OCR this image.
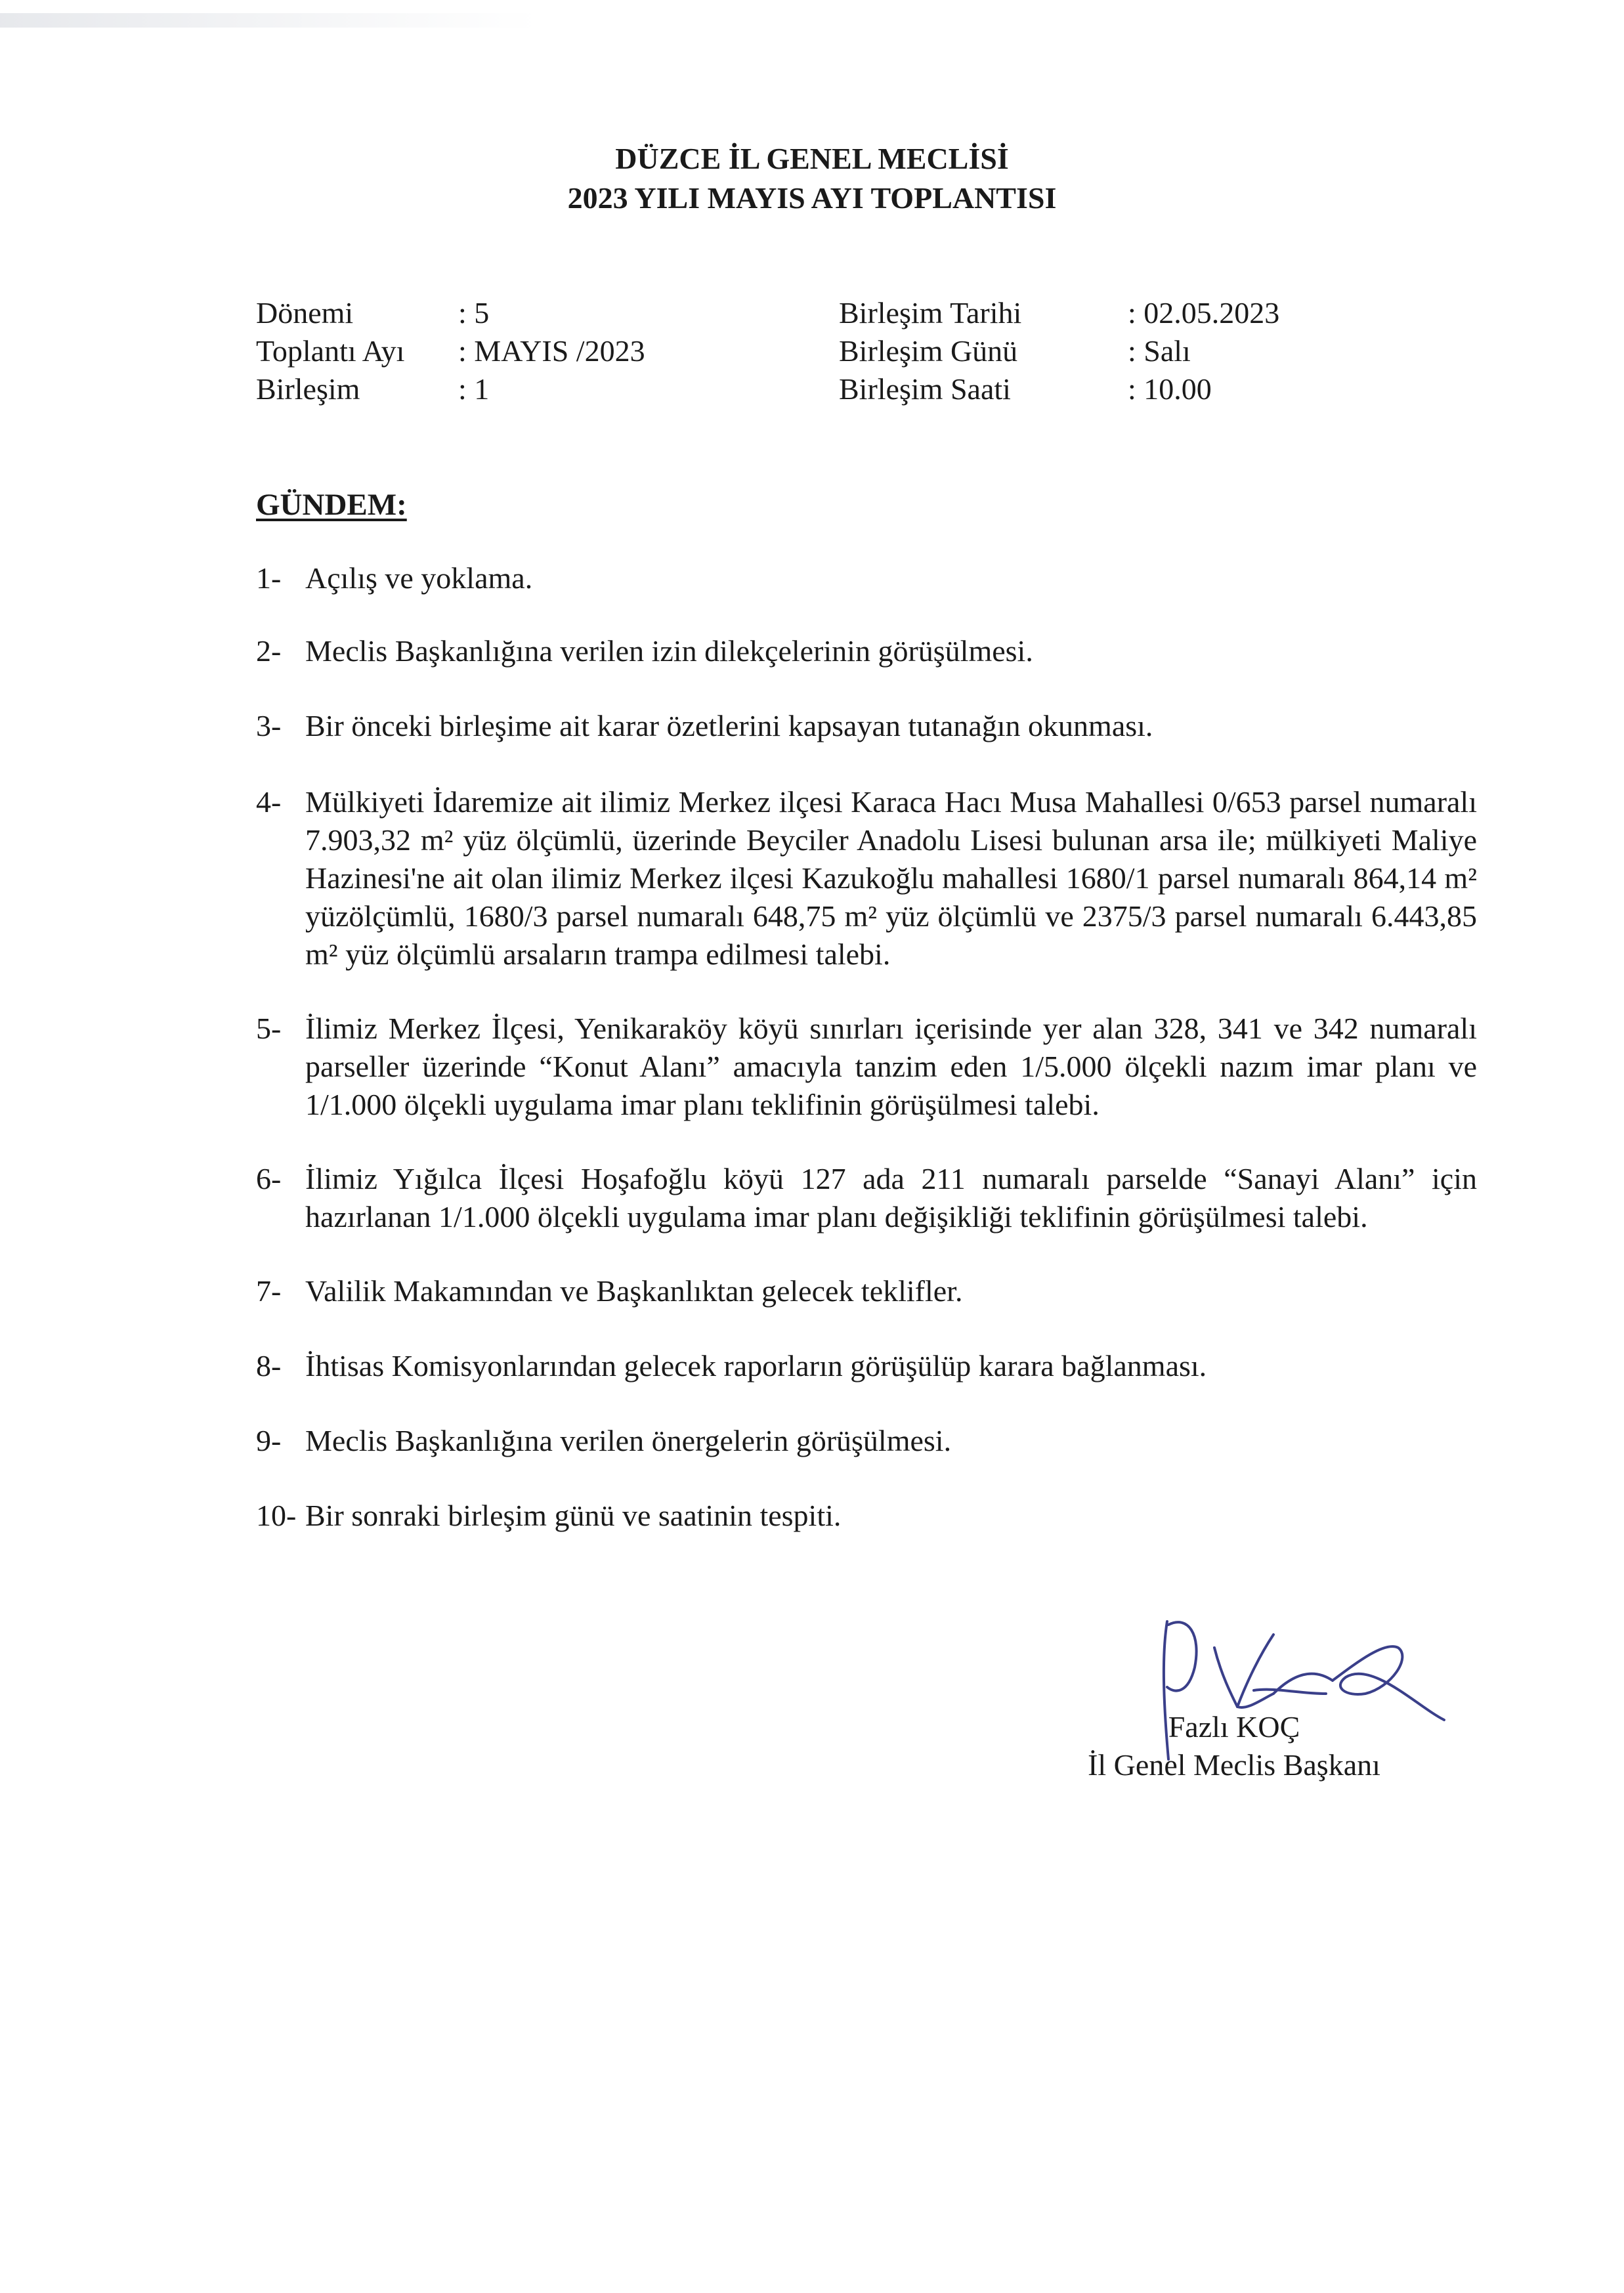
DÜZCE İL GENEL MECLİSİ
2023 YILI MAYIS AYI TOPLANTISI
Dönemi	: 5
Toplantı Ayı : MAYIS /2023
Birleşim	: 1
Birleşim Tarihi	: 02.05.2023
Birleşim Günü	: Salı
Birleşim Saati	: 10.00
GÜNDEM:
1- Açılış ve yoklama.
2- Meclis Başkanlığına verilen izin dilekçelerinin görüşülmesi.
3- Bir önceki birleşime ait karar özetlerini kapsayan tutanağın okunması.
4- Mülkiyeti İdaremize ait ilimiz Merkez ilçesi Karaca Hacı Musa Mahallesi 0/653 parsel numaralı 7.903,32 m² yüz ölçümlü, üzerinde Beyciler Anadolu Lisesi bulunan arsa ile; mülkiyeti Maliye Hazinesi'ne ait olan ilimiz Merkez ilçesi Kazukoğlu mahallesi 1680/1 parsel numaralı 864,14 m² yüzölçümlü, 1680/3 parsel numaralı 648,75 m² yüz ölçümlü ve 2375/3 parsel numaralı 6.443,85 m² yüz ölçümlü arsaların trampa edilmesi talebi.
5- İlimiz Merkez İlçesi, Yenikaraköy köyü sınırları içerisinde yer alan 328, 341 ve 342 numaralı parseller üzerinde “Konut Alanı” amacıyla tanzim eden 1/5.000 ölçekli nazım imar planı ve 1/1.000 ölçekli uygulama imar planı teklifinin görüşülmesi talebi.
6- İlimiz Yığılca İlçesi Hoşafoğlu köyü 127 ada 211 numaralı parselde “Sanayi Alanı” için hazırlanan 1/1.000 ölçekli uygulama imar planı değişikliği teklifinin görüşülmesi talebi.
7- Valilik Makamından ve Başkanlıktan gelecek teklifler.
8- İhtisas Komisyonlarından gelecek raporların görüşülüp karara bağlanması.
9- Meclis Başkanlığına verilen önergelerin görüşülmesi.
10- Bir sonraki birleşim günü ve saatinin tespiti.
Fazlı KOÇ
İl Genel Meclis Başkanı
